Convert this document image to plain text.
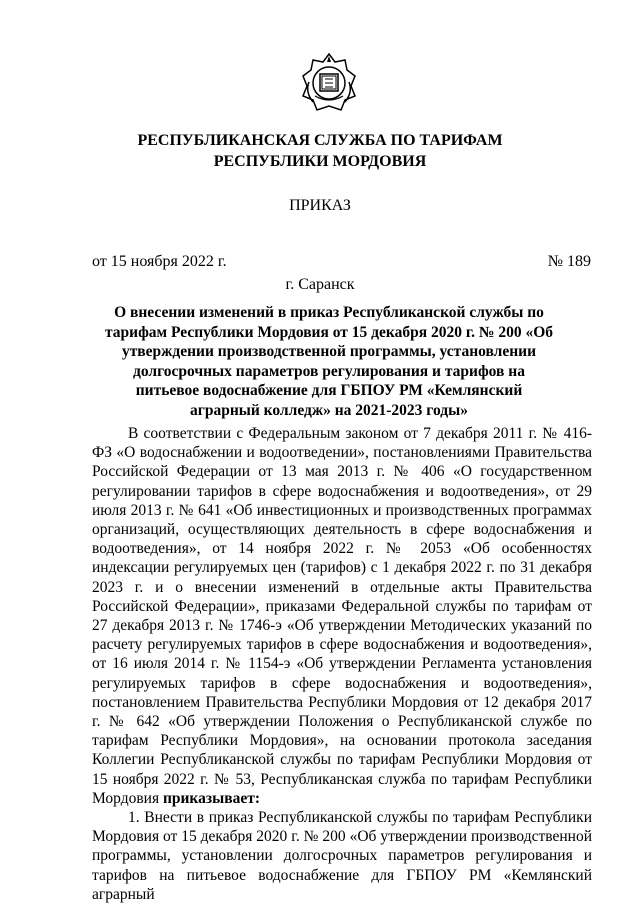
РЕСПУБЛИКАНСКАЯ СЛУЖБА ПО ТАРИФАМ
РЕСПУБЛИКИ МОРДОВИЯ
ПРИКАЗ
от 15 ноября 2022 г.	№ 189
г. Саранск
О внесении изменений в приказ Республиканской службы по тарифам Республики Мордовия от 15 декабря 2020 г. № 200 «Об утверждении производственной программы, установлении долгосрочных параметров регулирования и тарифов на питьевое водоснабжение для ГБПОУ РМ «Кемлянский аграрный колледж» на 2021-2023 годы»

В соответствии с Федеральным законом от 7 декабря 2011 г. № 416-ФЗ «О водоснабжении и водоотведении», постановлениями Правительства Российской Федерации от 13 мая 2013 г. № 406 «О государственном регулировании тарифов в сфере водоснабжения и водоотведения», от 29 июля 2013 г. № 641 «Об инвестиционных и производственных программах организаций, осуществляющих деятельность в сфере водоснабжения и водоотведения», от 14 ноября 2022 г. № 2053 «Об особенностях индексации регулируемых цен (тарифов) с 1 декабря 2022 г. по 31 декабря 2023 г. и о внесении изменений в отдельные акты Правительства Российской Федерации», приказами Федеральной службы по тарифам от 27 декабря 2013 г. № 1746-э «Об утверждении Методических указаний по расчету регулируемых тарифов в сфере водоснабжения и водоотведения», от 16 июля 2014 г. № 1154-э «Об утверждении Регламента установления регулируемых тарифов в сфере водоснабжения и водоотведения», постановлением Правительства Республики Мордовия от 12 декабря 2017 г. № 642 «Об утверждении Положения о Республиканской службе по тарифам Республики Мордовия», на основании протокола заседания Коллегии Республиканской службы по тарифам Республики Мордовия от 15 ноября 2022 г. № 53, Республиканская служба по тарифам Республики Мордовия приказывает:

1. Внести в приказ Республиканской службы по тарифам Республики Мордовия от 15 декабря 2020 г. № 200 «Об утверждении производственной программы, установлении долгосрочных параметров регулирования и тарифов на питьевое водоснабжение для ГБПОУ РМ «Кемлянский аграрный
